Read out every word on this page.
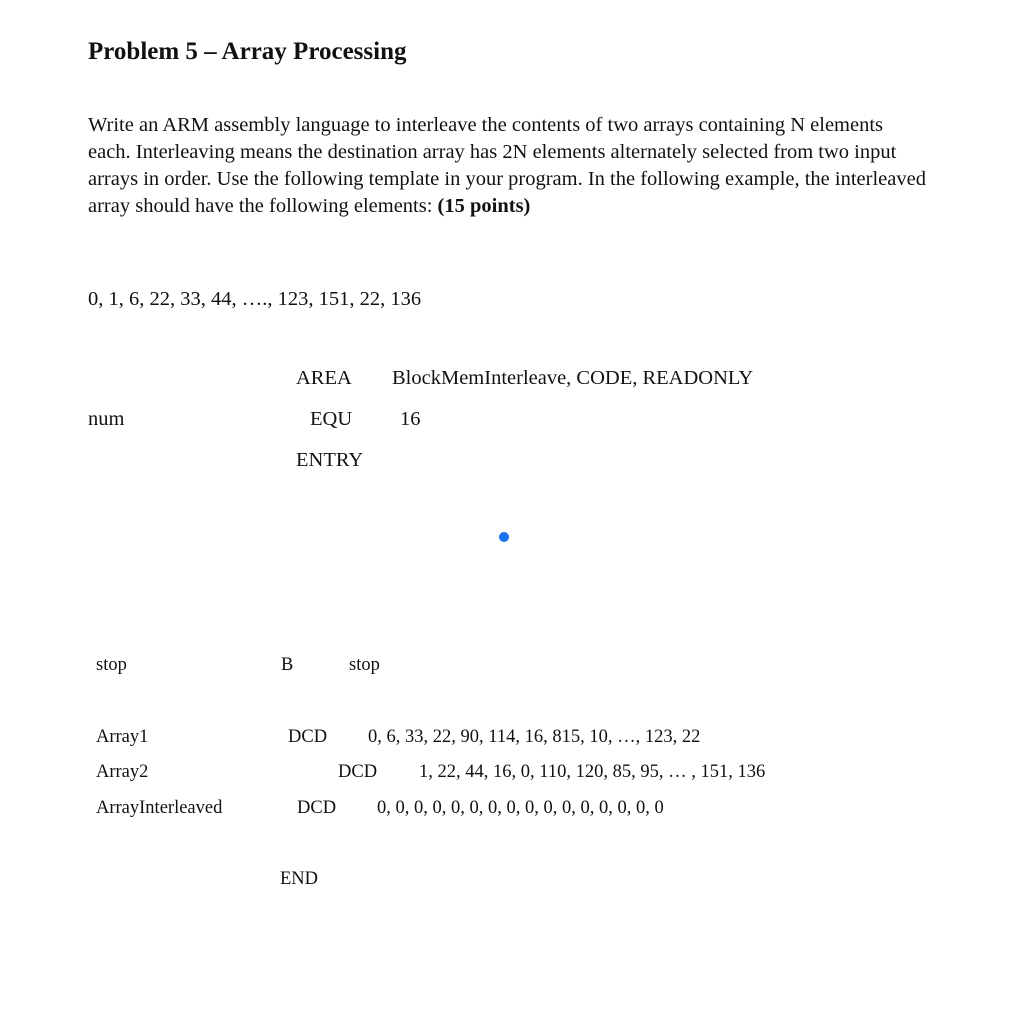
Problem 5 – Array Processing
Write an ARM assembly language to interleave the contents of two arrays containing N elements each. Interleaving means the destination array has 2N elements alternately selected from two input arrays in order. Use the following template in your program. In the following example, the interleaved array should have the following elements: (15 points)
0, 1, 6, 22, 33, 44, …., 123, 151, 22, 136
AREA BlockMemInterleave, CODE, READONLY
num	EQU 16
ENTRY
stop	B	stop
Array1	DCD 0, 6, 33, 22, 90, 114, 16, 815, 10, …, 123, 22
Array2	DCD 1, 22, 44, 16, 0, 110, 120, 85, 95, … , 151, 136
ArrayInterleaved	DCD 0, 0, 0, 0, 0, 0, 0, 0, 0, 0, 0, 0, 0, 0, 0, 0
END
